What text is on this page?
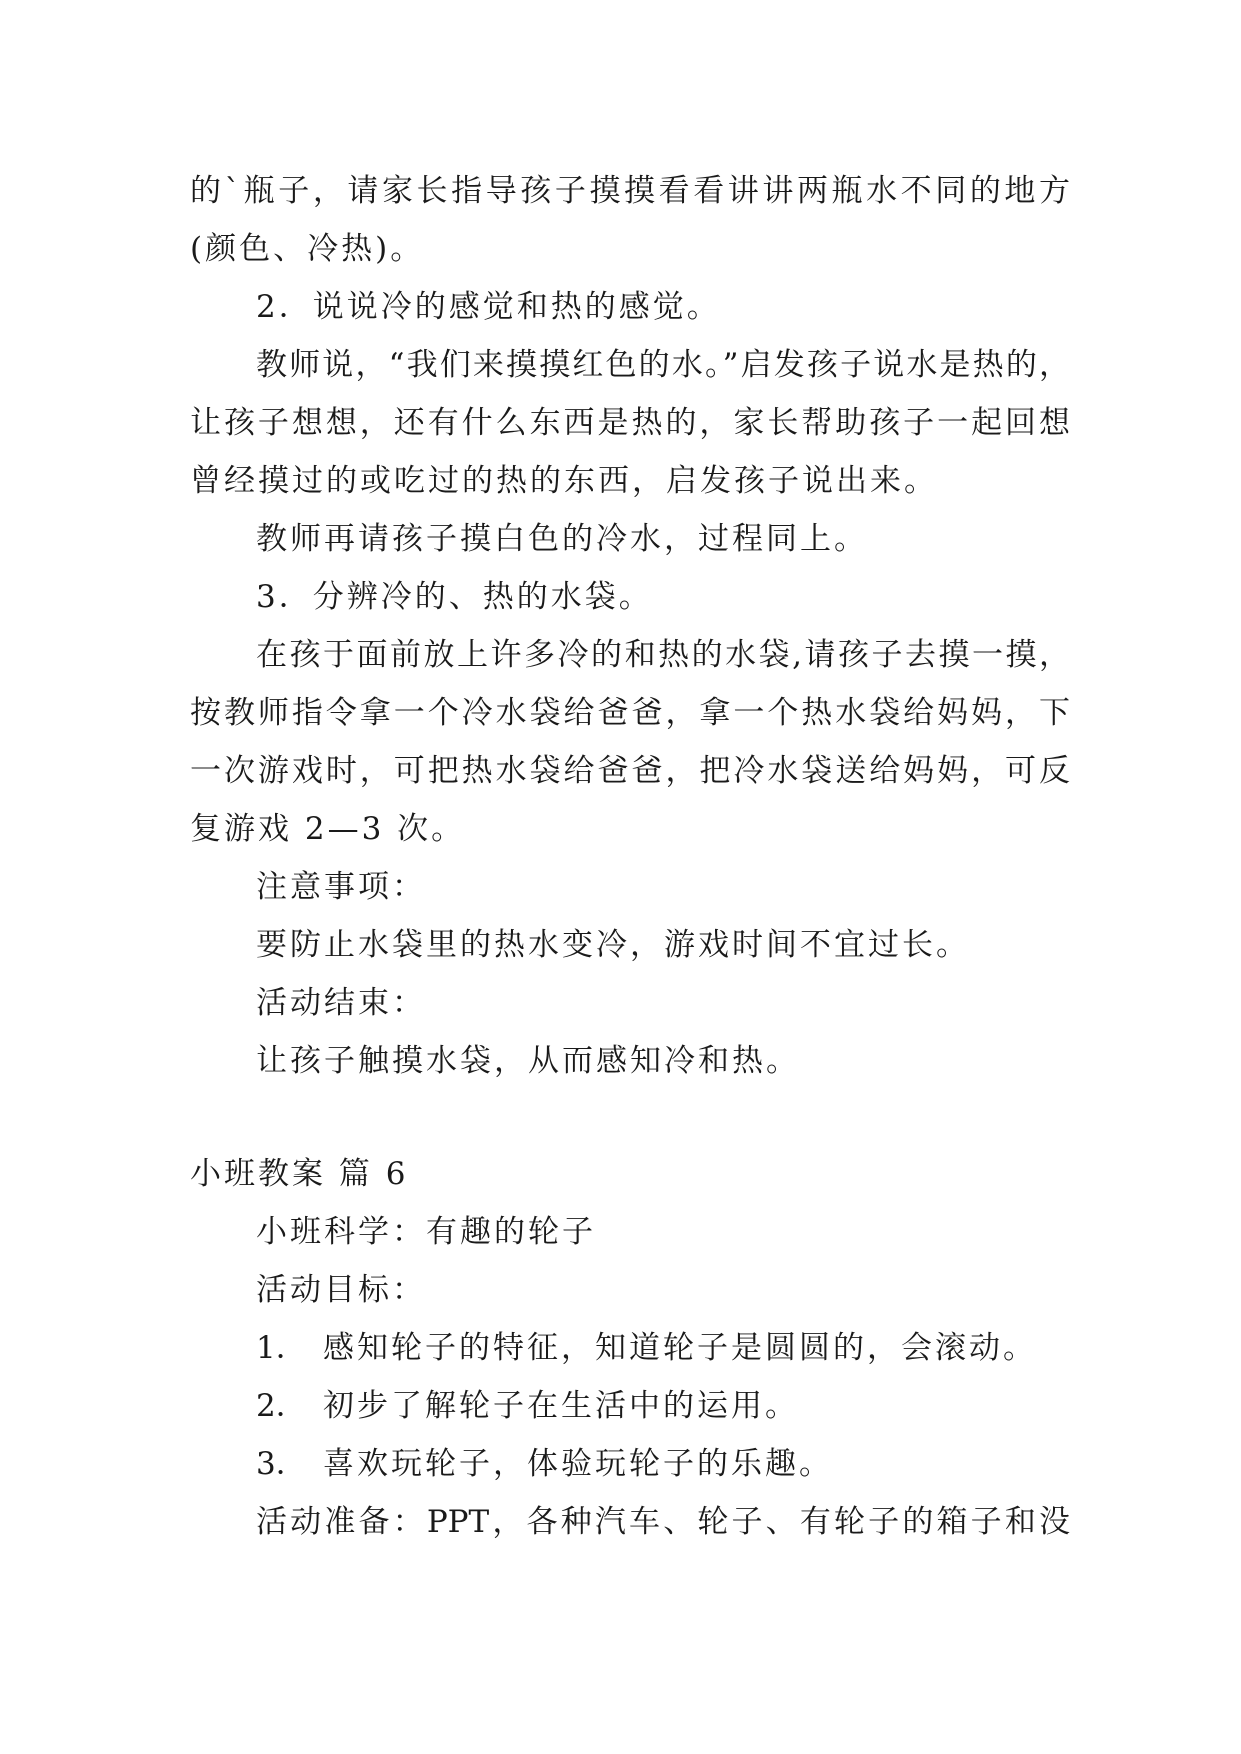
的`瓶子，请家长指导孩子摸摸看看讲讲两瓶水不同的地方
(颜色、冷热)。
2．说说冷的感觉和热的感觉。
教师说，“我们来摸摸红色的水。”启发孩子说水是热的，
让孩子想想，还有什么东西是热的，家长帮助孩子一起回想
曾经摸过的或吃过的热的东西，启发孩子说出来。
教师再请孩子摸白色的冷水，过程同上。
3．分辨冷的、热的水袋。
在孩于面前放上许多冷的和热的水袋,请孩子去摸一摸，
按教师指令拿一个冷水袋给爸爸，拿一个热水袋给妈妈，下
一次游戏时，可把热水袋给爸爸，把冷水袋送给妈妈，可反
复游戏 2—3 次。
注意事项：
要防止水袋里的热水变冷，游戏时间不宜过长。
活动结束：
让孩子触摸水袋，从而感知冷和热。
小班教案 篇 6
小班科学：有趣的轮子
活动目标：
1． 感知轮子的特征，知道轮子是圆圆的，会滚动。
2． 初步了解轮子在生活中的运用。
3． 喜欢玩轮子，体验玩轮子的乐趣。
活动准备：PPT，各种汽车、轮子、有轮子的箱子和没
